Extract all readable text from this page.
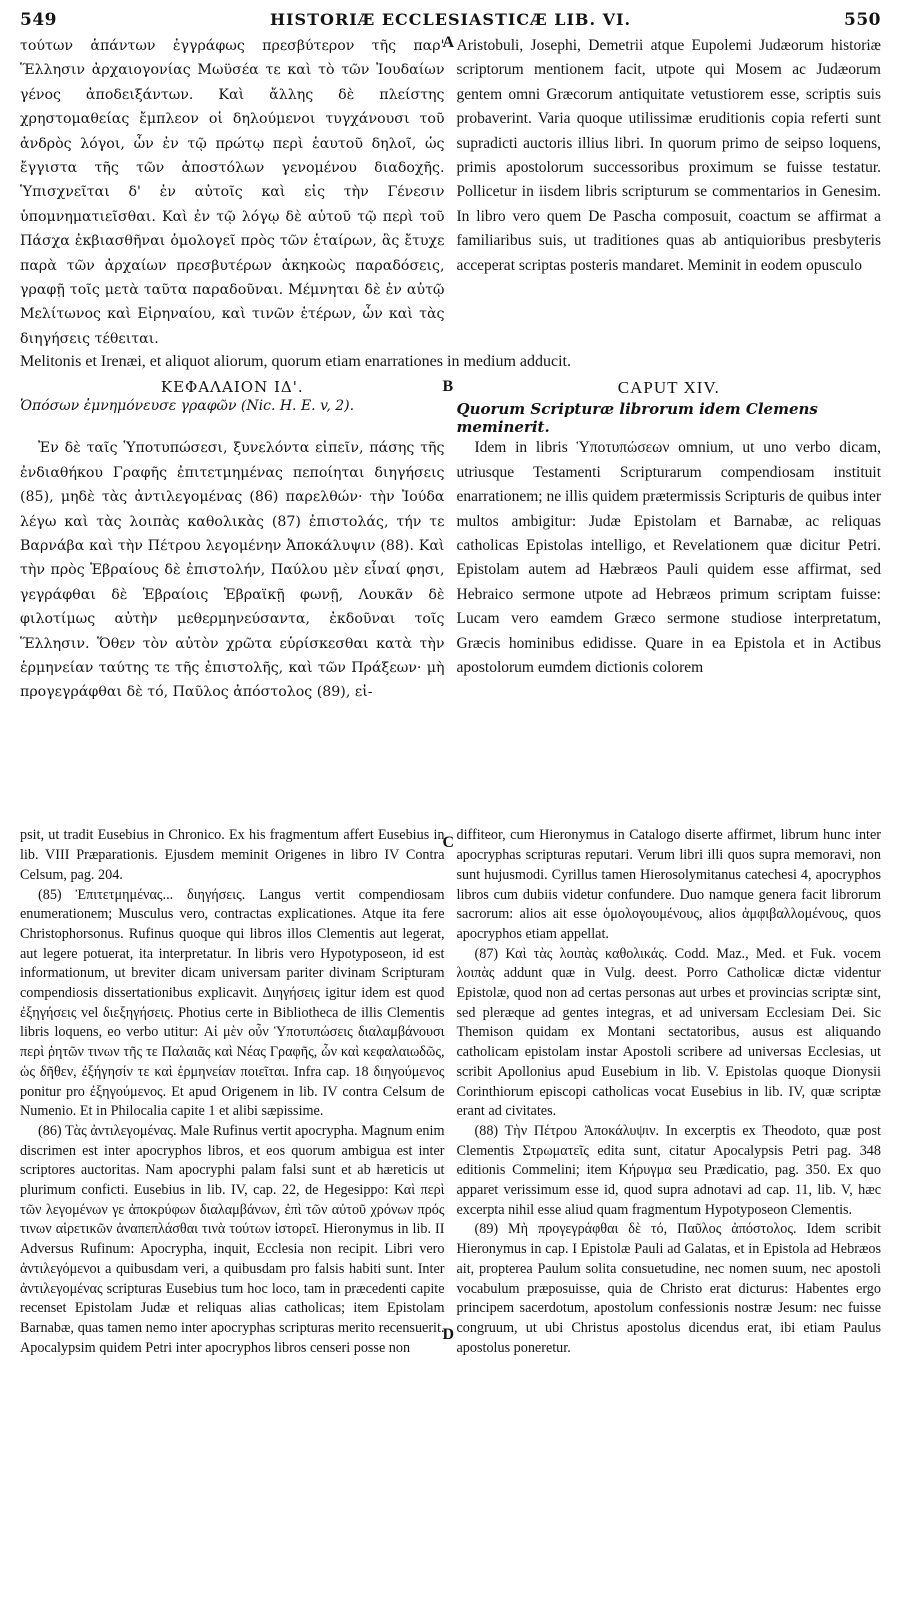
549	HISTORIÆ ECCLESIASTICÆ LIB. VI.	550

τούτων ἁπάντων ἐγγράφως πρεσβύτερον τῆς παρ' Ἕλλησιν ἀρχαιογονίας Μωϋσέα τε καὶ τὸ τῶν Ἰουδαίων γένος ἀποδειξάντων. Καὶ ἄλλης δὲ πλείστης χρηστομαθείας ἔμπλεον οἱ δηλούμενοι τυγχάνουσι τοῦ ἀνδρὸς λόγοι, ὧν ἐν τῷ πρώτῳ περὶ ἑαυτοῦ δηλοῖ, ὡς ἔγγιστα τῆς τῶν ἀποστόλων γενομένου διαδοχῆς. Ὑπισχνεῖται δ' ἐν αὐτοῖς καὶ εἰς τὴν Γένεσιν ὑπομνηματιεῖσθαι. Καὶ ἐν τῷ λόγῳ δὲ αὐτοῦ τῷ περὶ τοῦ Πάσχα ἐκβιασθῆναι ὁμολογεῖ πρὸς τῶν ἑταίρων, ἃς ἔτυχε παρὰ τῶν ἀρχαίων πρεσβυτέρων ἀκηκοὼς παραδόσεις, γραφῇ τοῖς μετὰ ταῦτα παραδοῦναι. Μέμνηται δὲ ἐν αὐτῷ Μελίτωνος καὶ Εἰρηναίου, καὶ τινῶν ἑτέρων, ὧν καὶ τὰς διηγήσεις τέθειται.

A Aristobuli, Josephi, Demetrii atque Eupolemi Judæorum historiæ scriptorum mentionem facit, utpote qui Mosem ac Judæorum gentem omni Græcorum antiquitate vetustiorem esse, scriptis suis probaverint. Varia quoque utilissimæ eruditionis copia referti sunt supradicti auctoris illius libri. In quorum primo de seipso loquens, primis apostolorum successoribus proximum se fuisse testatur. Pollicetur in iisdem libris scripturum se commentarios in Genesim. In libro vero quem De Pascha composuit, coactum se affirmat a familiaribus suis, ut traditiones quas ab antiquioribus presbyteris acceperat scriptas posteris mandaret. Meminit in eodem opusculo

Melitonis et Irenæi, et aliquot aliorum, quorum etiam enarrationes in medium adducit.

ΚΕΦΑΛΑΙΟΝ ΙΔ'.
Ὁπόσων ἐμνημόνευσε γραφῶν (Nic. H. E. v, 2).
B	CAPUT XIV.
Quorum Scripturæ librorum idem Clemens meminerit.

Ἐν δὲ ταῖς Ὑποτυπώσεσι, ξυνελόντα εἰπεῖν, πάσης τῆς ἐνδιαθήκου Γραφῆς ἐπιτετμημένας πεποίηται διηγήσεις (85), μηδὲ τὰς ἀντιλεγομένας (86) παρελθών· τὴν Ἰούδα λέγω καὶ τὰς λοιπὰς καθολικὰς (87) ἐπιστολάς, τήν τε Βαρνάβα καὶ τὴν Πέτρου λεγομένην Ἀποκάλυψιν (88). Καὶ τὴν πρὸς Ἑβραίους δὲ ἐπιστολήν, Παύλου μὲν εἶναί φησι, γεγράφθαι δὲ Ἑβραίοις Ἑβραϊκῇ φωνῇ, Λουκᾶν δὲ φιλοτίμως αὐτὴν μεθερμηνεύσαντα, ἐκδοῦναι τοῖς Ἕλλησιν. Ὅθεν τὸν αὐτὸν χρῶτα εὑρίσκεσθαι κατὰ τὴν ἑρμηνείαν ταύτης τε τῆς ἐπιστολῆς, καὶ τῶν Πράξεων· μὴ προγεγράφθαι δὲ τό, Παῦλος ἀπόστολος (89), εἰ-

Idem in libris Ὑποτυπώσεων omnium, ut uno verbo dicam, utriusque Testamenti Scripturarum compendiosam instituit enarrationem; ne illis quidem prætermissis Scripturis de quibus inter multos ambigitur: Judæ Epistolam et Barnabæ, ac reliquas catholicas Epistolas intelligo, et Revelationem quæ dicitur Petri. Epistolam autem ad Hæbræos Pauli quidem esse affirmat, sed Hebraico sermone utpote ad Hebræos primum scriptam fuisse: Lucam vero eamdem Græco sermone studiose interpretatum, Græcis hominibus edidisse. Quare in ea Epistola et in Actibus apostolorum eumdem dictionis colorem

psit, ut tradit Eusebius in Chronico. Ex his fragmentum affert Eusebius in lib. VIII Præparationis. Ejusdem meminit Origenes in libro IV Contra Celsum, pag. 204.

(85) Ἐπιτετμημένας... διηγήσεις. Langus vertit compendiosam enumerationem; Musculus vero, contractas explicationes. Atque ita fere Christophorsonus. Rufinus quoque qui libros illos Clementis aut legerat, aut legere potuerat, ita interpretatur. In libris vero Hypotyposeon, id est informationum, ut breviter dicam universam pariter divinam Scripturam compendiosis dissertationibus explicavit. Διηγήσεις igitur idem est quod ἐξηγήσεις vel διεξηγήσεις. Photius certe in Bibliotheca de illis Clementis libris loquens, eo verbo utitur: Αἱ μὲν οὖν Ὑποτυπώσεις διαλαμβάνουσι περὶ ῥητῶν τινων τῆς τε Παλαιᾶς καὶ Νέας Γραφῆς, ὧν καὶ κεφαλαιωδῶς, ὡς δῆθεν, ἐξήγησίν τε καὶ ἑρμηνείαν ποιεῖται. Infra cap. 18 διηγούμενος ponitur pro ἐξηγούμενος. Et apud Origenem in lib. IV contra Celsum de Numenio. Et in Philocalia capite 1 et alibi sæpissime.

(86) Τὰς ἀντιλεγομένας. Male Rufinus vertit apocrypha. Magnum enim discrimen est inter apocryphos libros, et eos quorum ambigua est inter scriptores auctoritas. Nam apocryphi palam falsi sunt et ab hæreticis ut plurimum conficti. Eusebius in lib. IV, cap. 22, de Hegesippo: Καὶ περὶ τῶν λεγομένων γε ἀποκρύφων διαλαμβάνων, ἐπὶ τῶν αὐτοῦ χρόνων πρός τινων αἱρετικῶν ἀναπεπλάσθαι τινὰ τούτων ἱστορεῖ. Hieronymus in lib. II Adversus Rufinum: Apocrypha, inquit, Ecclesia non recipit. Libri vero ἀντιλεγόμενοι a quibusdam veri, a quibusdam pro falsis habiti sunt. Inter ἀντιλεγομένας scripturas Eusebius tum hoc loco, tam in præcedenti capite recenset Epistolam Judæ et reliquas alias catholicas; item Epistolam Barnabæ, quas tamen nemo inter apocryphas scripturas merito recensuerit. Apocalypsim quidem Petri inter apocryphos libros censeri posse non

C diffiteor, cum Hieronymus in Catalogo diserte affirmet, librum hunc inter apocryphas scripturas reputari. Verum libri illi quos supra memoravi, non sunt hujusmodi. Cyrillus tamen Hierosolymitanus catechesi 4, apocryphos libros cum dubiis videtur confundere. Duo namque genera facit librorum sacrorum: alios ait esse ὁμολογουμένους, alios ἀμφιβαλλομένους, quos apocryphos etiam appellat.

(87) Καὶ τὰς λοιπὰς καθολικάς. Codd. Maz., Med. et Fuk. vocem λοιπὰς addunt quæ in Vulg. deest. Porro Catholicæ dictæ videntur Epistolæ, quod non ad certas personas aut urbes et provincias scriptæ sint, sed pleræque ad gentes integras, et ad universam Ecclesiam Dei. Sic Themison quidam ex Montani sectatoribus, ausus est aliquando catholicam epistolam instar Apostoli scribere ad universas Ecclesias, ut scribit Apollonius apud Eusebium in lib. V. Epistolas quoque Dionysii Corinthiorum episcopi catholicas vocat Eusebius in lib. IV, quæ scriptæ erant ad civitates.

D

(88) Τὴν Πέτρου Ἀποκάλυψιν. In excerptis ex Theodoto, quæ post Clementis Στρωματεῖς edita sunt, citatur Apocalypsis Petri pag. 348 editionis Commelini; item Κήρυγμα seu Prædicatio, pag. 350. Ex quo apparet verissimum esse id, quod supra adnotavi ad cap. 11, lib. V, hæc excerpta nihil esse aliud quam fragmentum Hypotyposeon Clementis.

(89) Μὴ προγεγράφθαι δὲ τό, Παῦλος ἀπόστολος. Idem scribit Hieronymus in cap. I Epistolæ Pauli ad Galatas, et in Epistola ad Hebræos ait, propterea Paulum solita consuetudine, nec nomen suum, nec apostoli vocabulum præposuisse, quia de Christo erat dicturus: Habentes ergo principem sacerdotum, apostolum confessionis nostræ Jesum: nec fuisse congruum, ut ubi Christus apostolus dicendus erat, ibi etiam Paulus apostolus poneretur.
